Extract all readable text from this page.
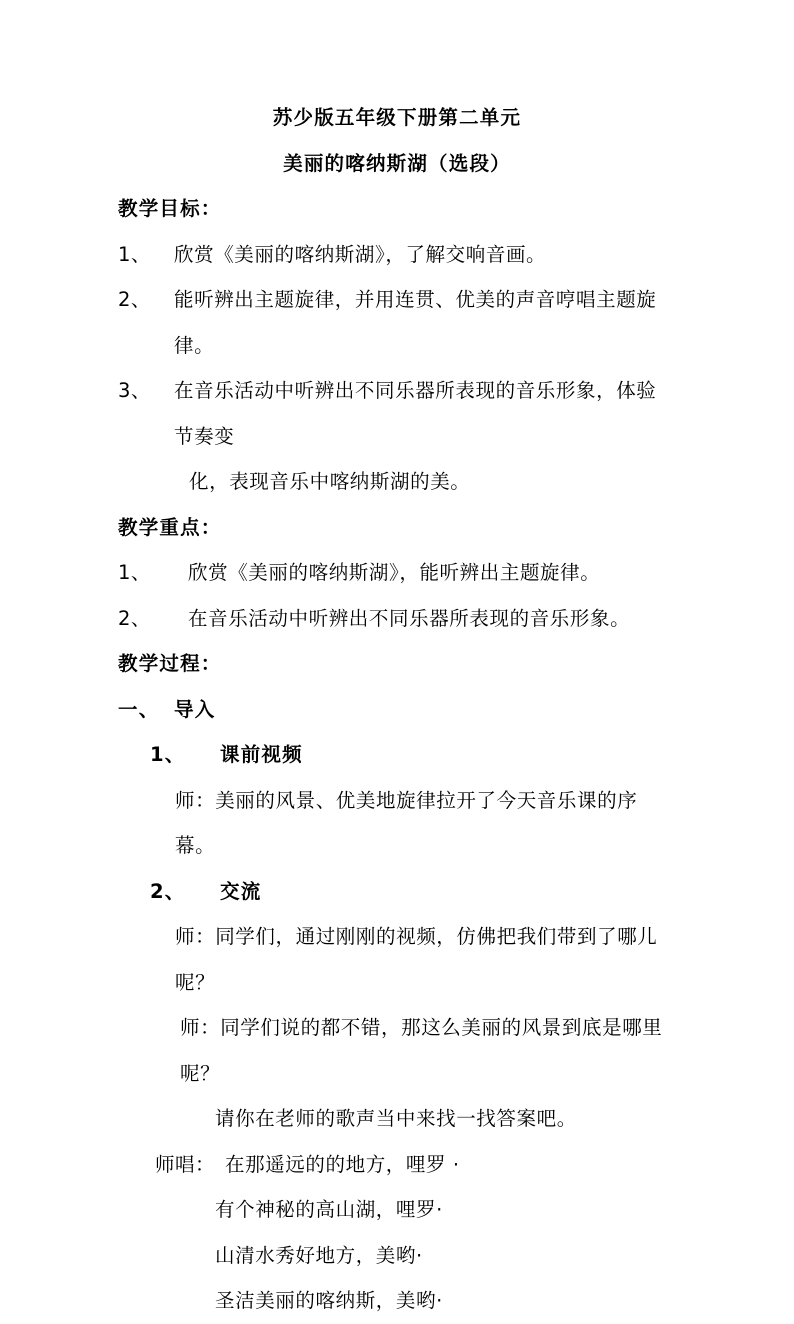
苏少版五年级下册第二单元
美丽的喀纳斯湖（选段）
教学目标：
1、	欣赏《美丽的喀纳斯湖》，了解交响音画。
2、	能听辨出主题旋律，并用连贯、优美的声音哼唱主题旋律。
3、	在音乐活动中听辨出不同乐器所表现的音乐形象，体验节奏变
化，表现音乐中喀纳斯湖的美。
教学重点：
1、	欣赏《美丽的喀纳斯湖》，能听辨出主题旋律。
2、	在音乐活动中听辨出不同乐器所表现的音乐形象。
教学过程：
一、 导入
1、	课前视频
师：美丽的风景、优美地旋律拉开了今天音乐课的序幕。
2、	交流
师：同学们，通过刚刚的视频，仿佛把我们带到了哪儿呢？
师：同学们说的都不错，那这么美丽的风景到底是哪里呢？
请你在老师的歌声当中来找一找答案吧。
师唱： 在那遥远的的地方，哩罗 ·
有个神秘的高山湖，哩罗·
山清水秀好地方，美哟·
圣洁美丽的喀纳斯，美哟·
